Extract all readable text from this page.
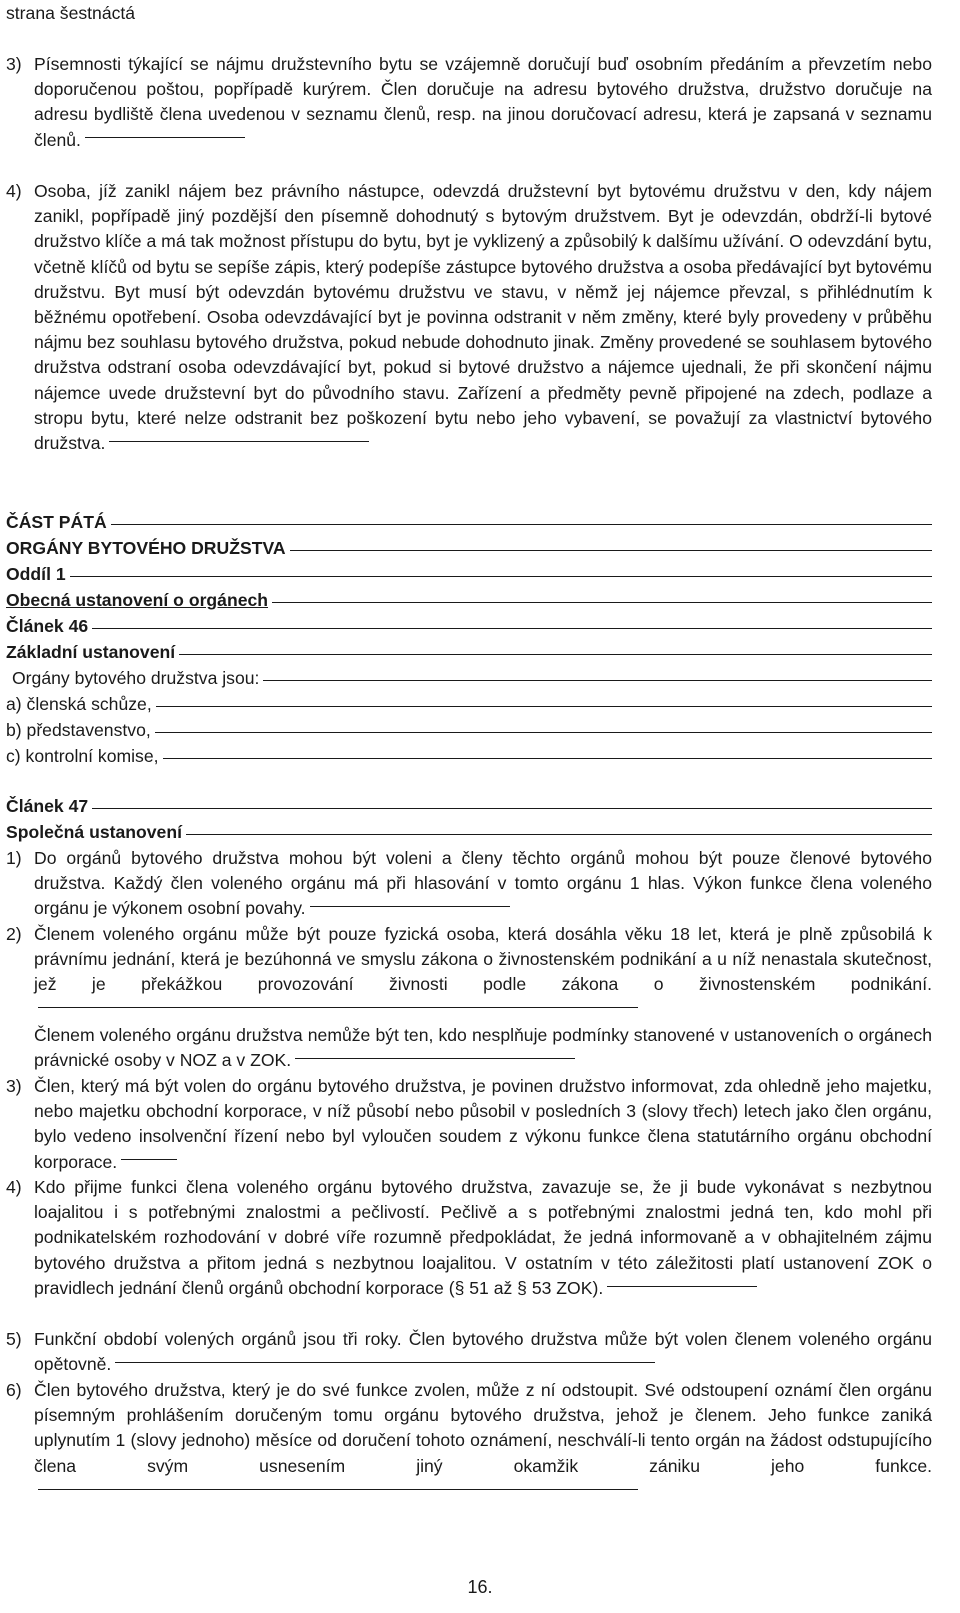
strana šestnáctá
3) Písemnosti týkající se nájmu družstevního bytu se vzájemně doručují buď osobním předáním a převzetím nebo doporučenou poštou, popřípadě kurýrem. Člen doručuje na adresu bytového družstva, družstvo doručuje na adresu bydliště člena uvedenou v seznamu členů, resp. na jinou doručovací adresu, která je zapsaná v seznamu členů.
4) Osoba, jíž zanikl nájem bez právního nástupce, odevzdá družstevní byt bytovému družstvu v den, kdy nájem zanikl, popřípadě jiný pozdější den písemně dohodnutý s bytovým družstvem. Byt je odevzdán, obdrží-li bytové družstvo klíče a má tak možnost přístupu do bytu, byt je vyklizený a způsobilý k dalšímu užívání. O odevzdání bytu, včetně klíčů od bytu se sepíše zápis, který podepíše zástupce bytového družstva a osoba předávající byt bytovému družstvu. Byt musí být odevzdán bytovému družstvu ve stavu, v němž jej nájemce převzal, s přihlédnutím k běžnému opotřebení. Osoba odevzdávající byt je povinna odstranit v něm změny, které byly provedeny v průběhu nájmu bez souhlasu bytového družstva, pokud nebude dohodnuto jinak. Změny provedené se souhlasem bytového družstva odstraní osoba odevzdávající byt, pokud si bytové družstvo a nájemce ujednali, že při skončení nájmu nájemce uvede družstevní byt do původního stavu. Zařízení a předměty pevně připojené na zdech, podlaze a stropu bytu, které nelze odstranit bez poškození bytu nebo jeho vybavení, se považují za vlastnictví bytového družstva.
ČÁST PÁTÁ
ORGÁNY BYTOVÉHO DRUŽSTVA
Oddíl 1
Obecná ustanovení o orgánech
Článek 46
Základní ustanovení
Orgány bytového družstva jsou:
a) členská schůze,
b) představenstvo,
c) kontrolní komise,
Článek 47
Společná ustanovení
1) Do orgánů bytového družstva mohou být voleni a členy těchto orgánů mohou být pouze členové bytového družstva. Každý člen voleného orgánu má při hlasování v tomto orgánu 1 hlas. Výkon funkce člena voleného orgánu je výkonem osobní povahy.
2) Členem voleného orgánu může být pouze fyzická osoba, která dosáhla věku 18 let, která je plně způsobilá k právnímu jednání, která je bezúhonná ve smyslu zákona o živnostenském podnikání a u níž nenastala skutečnost, jež je překážkou provozování živnosti podle zákona o živnostenském podnikání.
Členem voleného orgánu družstva nemůže být ten, kdo nesplňuje podmínky stanovené v ustanoveních o orgánech právnické osoby v NOZ a v ZOK.
3) Člen, který má být volen do orgánu bytového družstva, je povinen družstvo informovat, zda ohledně jeho majetku, nebo majetku obchodní korporace, v níž působí nebo působil v posledních 3 (slovy třech) letech jako člen orgánu, bylo vedeno insolvenční řízení nebo byl vyloučen soudem z výkonu funkce člena statutárního orgánu obchodní korporace.
4) Kdo přijme funkci člena voleného orgánu bytového družstva, zavazuje se, že ji bude vykonávat s nezbytnou loajalitou i s potřebnými znalostmi a pečlivostí. Pečlivě a s potřebnými znalostmi jedná ten, kdo mohl při podnikatelském rozhodování v dobré víře rozumně předpokládat, že jedná informovaně a v obhajitelném zájmu bytového družstva a přitom jedná s nezbytnou loajalitou. V ostatním v této záležitosti platí ustanovení ZOK o pravidlech jednání členů orgánů obchodní korporace (§ 51 až § 53 ZOK).
5) Funkční období volených orgánů jsou tři roky. Člen bytového družstva může být volen členem voleného orgánu opětovně.
6) Člen bytového družstva, který je do své funkce zvolen, může z ní odstoupit. Své odstoupení oznámí člen orgánu písemným prohlášením doručeným tomu orgánu bytového družstva, jehož je členem. Jeho funkce zaniká uplynutím 1 (slovy jednoho) měsíce od doručení tohoto oznámení, neschválí-li tento orgán na žádost odstupujícího člena svým usnesením jiný okamžik zániku jeho funkce.
16.
